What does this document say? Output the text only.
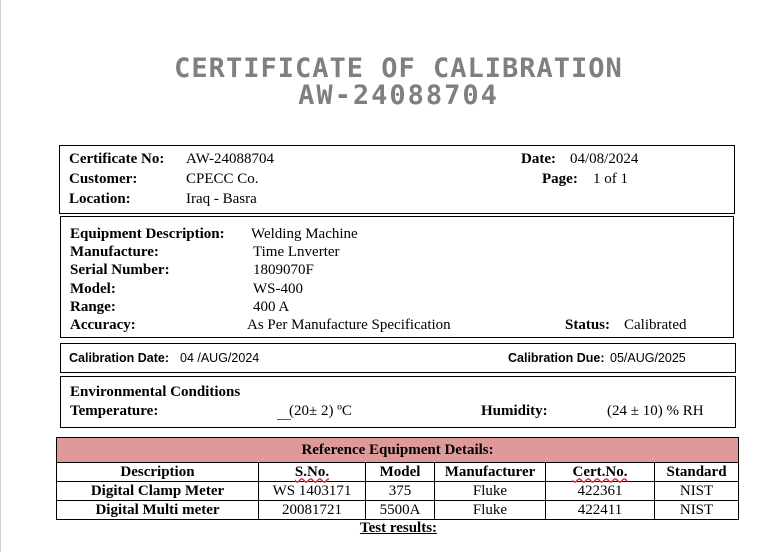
CERTIFICATE OF CALIBRATION
AW-24088704
Certificate No: AW-24088704
Customer:	CPECC Co.
Location:	Iraq - Basra
Date: 04/08/2024
Page: 1 of 1
Equipment Description: Welding Machine
Manufacture:	Time Lnverter
Serial Number:	1809070F
Model:	WS-400
Range:	400 A
Accuracy:	As Per Manufacture Specification	Status: Calibrated
Calibration Date: 04 /AUG/2024	Calibration Due: 05/AUG/2025
Environmental Conditions
Temperature:	(20± 2) ºC	Humidity:	(24 ± 10) % RH
Reference Equipment Details:					
Description	S.No.	Model	Manufacturer	Cert.No.	Standard
Digital Clamp Meter	WS 1403171	375	Fluke	422361	NIST
Digital Multi meter	20081721	5500A	Fluke	422411	NIST
Test results:
